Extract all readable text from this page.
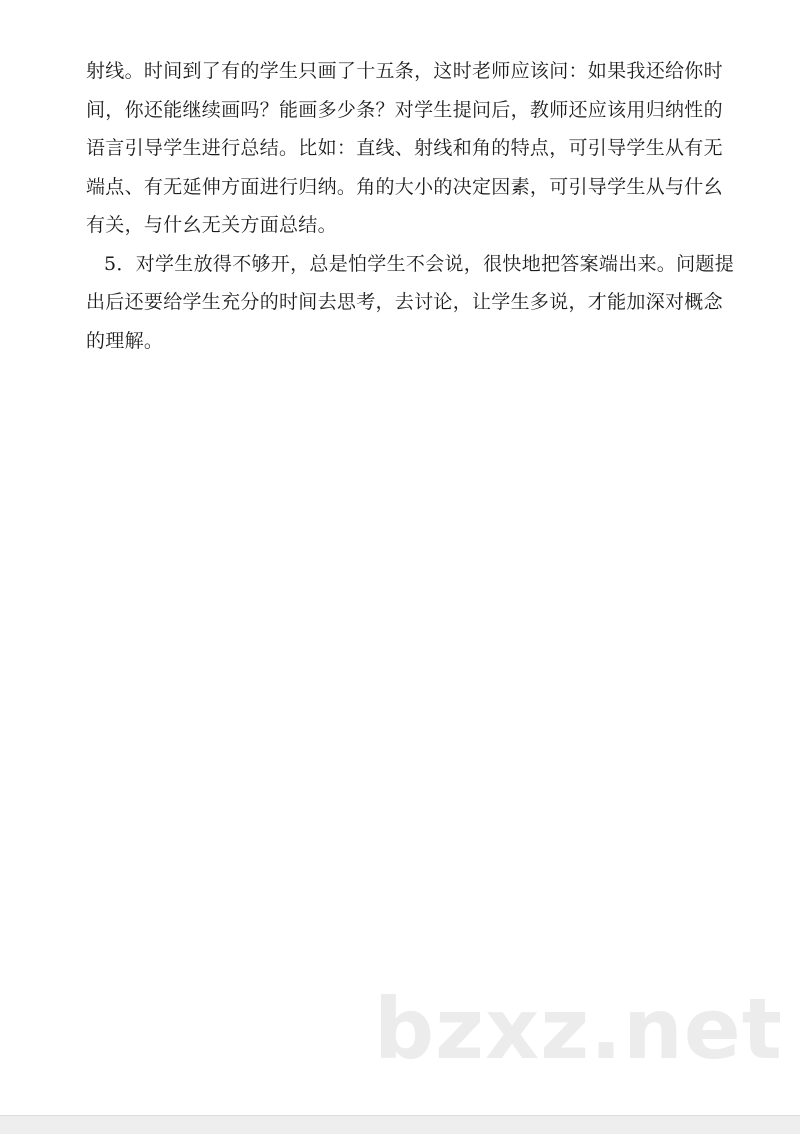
射线。时间到了有的学生只画了十五条，这时老师应该问：如果我还给你时
间，你还能继续画吗？能画多少条？对学生提问后，教师还应该用归纳性的
语言引导学生进行总结。比如：直线、射线和角的特点，可引导学生从有无
端点、有无延伸方面进行归纳。角的大小的决定因素，可引导学生从与什幺
有关，与什幺无关方面总结。
5．对学生放得不够开，总是怕学生不会说，很快地把答案端出来。问题提
出后还要给学生充分的时间去思考，去讨论，让学生多说，才能加深对概念
的理解。
bzxz.net
